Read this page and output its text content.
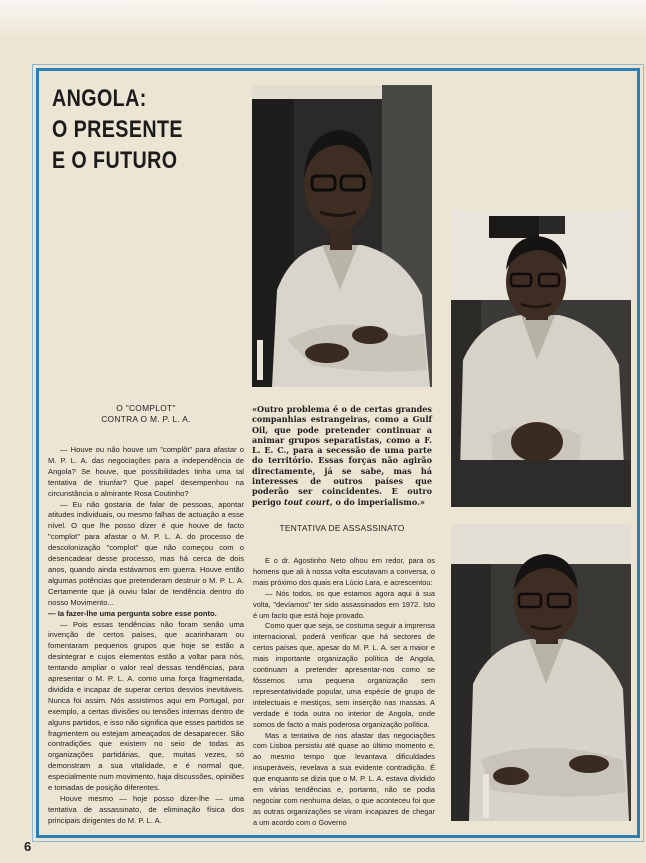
ANGOLA:
O PRESENTE
E O FUTURO
O "COMPLOT"
CONTRA O M. P. L. A.

— Houve ou não houve um "complôt" para afastar o M. P. L. A. das negociações para a independência de Angola? Se houve, que possibilidades tinha uma tal tentativa de triunfar? Que papel desempenhou na circunstância o almirante Rosa Coutinho?

— Eu não gostaria de falar de pessoas, apontar atitudes individuais, ou mesmo falhas de actuação a esse nível. O que lhe posso dizer é que houve de facto "complot" para afastar o M. P. L. A. do processo de descolonização "complot" que não começou com o desencadear desse processo, mas há cerca de dois anos, quando ainda estávamos em guerra. Houve então algumas potências que pretenderam destruir o M. P. L. A. Certamente que já ouviu falar de tendência dentro do nosso Movimento...

— Ia fazer-lhe uma pergunta sobre esse ponto.

— Pois essas tendências não foram senão uma invenção de certos países, que acarinharam ou fomentaram pequenos grupos que hoje se estão a desintegrar e cujos elementos estão a voltar para nós, tentando ampliar o valor real dessas tendências, para apresentar o M. P. L. A. como uma força fragmentada, dividida e incapaz de superar certos desvios inevitáveis. Nunca foi assim. Nós assistimos aqui em Portugal, por exemplo, a certas divisões ou tensões internas dentro de alguns partidos, e isso não significa que esses partidos se fragmentem ou estejam ameaçados de desaparecer. São contradições que existem no seio de todas as organizações partidárias, que, muitas vezes, só demonstram a sua vitalidade, e é normal que, especialmente num movimento, haja discussões, opiniões e tomadas de posição diferentes.

Houve mesmo — hoje posso dizer-lhe — uma tentativa de assassinato, de eliminação física dos principais dirigentes do M. P. L. A.

«Outro problema é o de certas grandes companhias estrangeiras, como a Gulf Oil, que pode pretender continuar a animar grupos separatistas, como a F. L. E. C., para a secessão de uma parte do território. Essas forças não agirão directamente, já se sabe, mas há interesses de outros países que poderão ser coincidentes. E outro perigo tout court, o do imperialismo.»
TENTATIVA DE ASSASSINATO

E o dr. Agostinho Neto olhou em redor, para os homens que ali à nossa volta escutavam a conversa, o mais próximo dos quais era Lúcio Lara, e acrescentou:

— Nós todos, os que estamos agora aqui à sua volta, "devíamos" ter sido assassinados em 1972. Isto é um facto que está hoje provado.

Como quer que seja, se costuma seguir a imprensa internacional, poderá verificar que há sectores de certos países que, apesar do M. P. L. A. ser a maior e mais importante organização política de Angola, continuam a pretender apresentar-nos como se fôssemos uma pequena organização sem representatividade popular, uma espécie de grupo de intelectuais e mestiços, sem inserção nas massas. A verdade é toda outra no interior de Angola, onde somos de facto a mais poderosa organização política.

Mas a tentativa de nos afastar das negociações com Lisboa persistiu até quase ao último momento e, ao mesmo tempo que levantava dificuldades insuperáveis, revelava a sua evidente contradição. É que enquanto se dizia que o M. P. L. A. estava dividido em várias tendências e, portanto, não se podia negociar com nenhuma delas, o que aconteceu foi que as outras organizações se viram incapazes de chegar a um acordo com o Governo

6
